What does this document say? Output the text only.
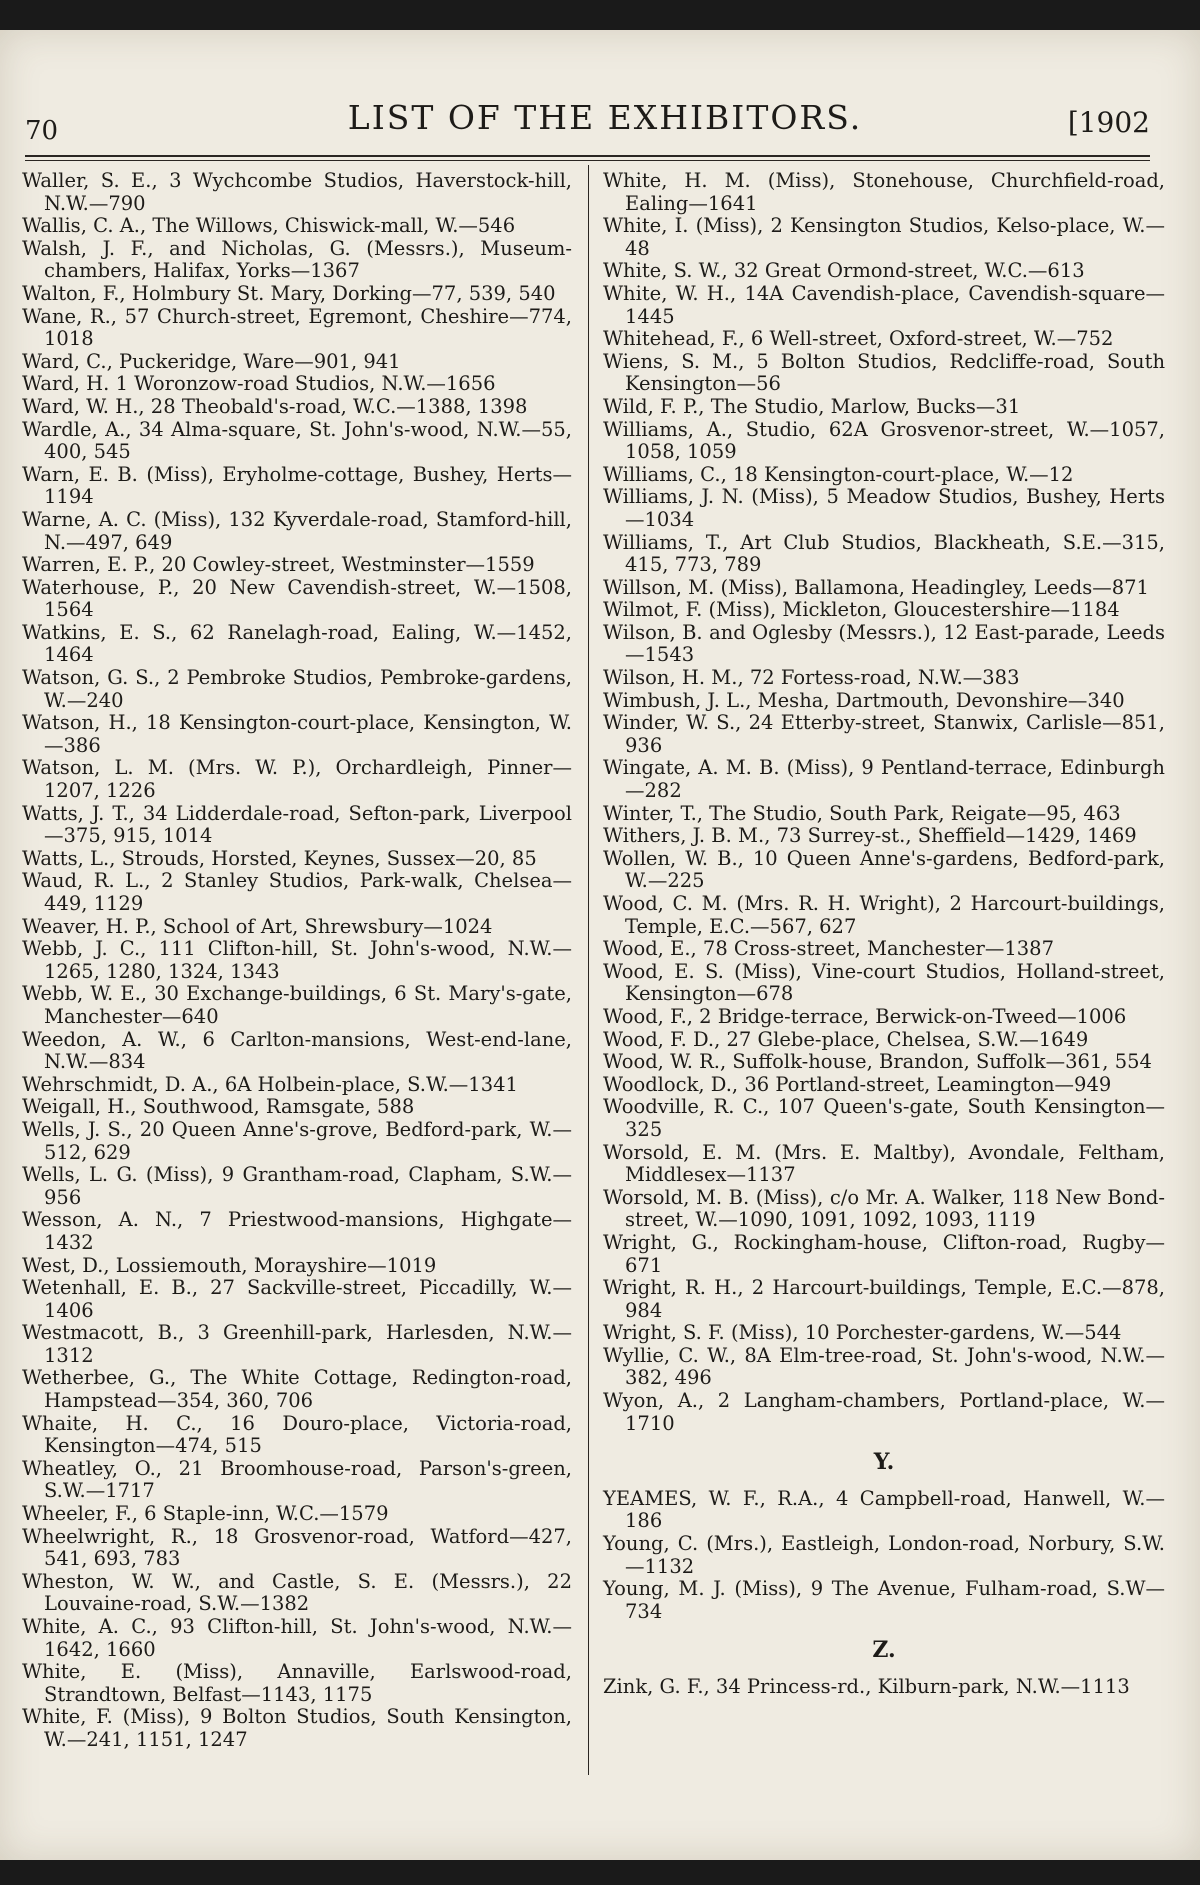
70	LIST OF THE EXHIBITORS.	[1902
Waller, S. E., 3 Wychcombe Studios, Haverstock-hill, N.W.—790
Wallis, C. A., The Willows, Chiswick-mall, W.—546
Walsh, J. F., and Nicholas, G. (Messrs.), Museum-chambers, Halifax, Yorks—1367
Walton, F., Holmbury St. Mary, Dorking—77, 539, 540
Wane, R., 57 Church-street, Egremont, Cheshire—774, 1018
Ward, C., Puckeridge, Ware—901, 941
Ward, H. 1 Woronzow-road Studios, N.W.—1656
Ward, W. H., 28 Theobald's-road, W.C.—1388, 1398
Wardle, A., 34 Alma-square, St. John's-wood, N.W.—55, 400, 545
Warn, E. B. (Miss), Eryholme-cottage, Bushey, Herts—1194
Warne, A. C. (Miss), 132 Kyverdale-road, Stamford-hill, N.—497, 649
Warren, E. P., 20 Cowley-street, Westminster—1559
Waterhouse, P., 20 New Cavendish-street, W.—1508, 1564
Watkins, E. S., 62 Ranelagh-road, Ealing, W.—1452, 1464
Watson, G. S., 2 Pembroke Studios, Pembroke-gardens, W.—240
Watson, H., 18 Kensington-court-place, Kensington, W.—386
Watson, L. M. (Mrs. W. P.), Orchardleigh, Pinner—1207, 1226
Watts, J. T., 34 Lidderdale-road, Sefton-park, Liverpool—375, 915, 1014
Watts, L., Strouds, Horsted, Keynes, Sussex—20, 85
Waud, R. L., 2 Stanley Studios, Park-walk, Chelsea—449, 1129
Weaver, H. P., School of Art, Shrewsbury—1024
Webb, J. C., 111 Clifton-hill, St. John's-wood, N.W.—1265, 1280, 1324, 1343
Webb, W. E., 30 Exchange-buildings, 6 St. Mary's-gate, Manchester—640
Weedon, A. W., 6 Carlton-mansions, West-end-lane, N.W.—834
Wehrschmidt, D. A., 6A Holbein-place, S.W.—1341
Weigall, H., Southwood, Ramsgate, 588
Wells, J. S., 20 Queen Anne's-grove, Bedford-park, W.—512, 629
Wells, L. G. (Miss), 9 Grantham-road, Clapham, S.W.—956
Wesson, A. N., 7 Priestwood-mansions, Highgate—1432
West, D., Lossiemouth, Morayshire—1019
Wetenhall, E. B., 27 Sackville-street, Piccadilly, W.—1406
Westmacott, B., 3 Greenhill-park, Harlesden, N.W.—1312
Wetherbee, G., The White Cottage, Redington-road, Hampstead—354, 360, 706
Whaite, H. C., 16 Douro-place, Victoria-road, Kensington—474, 515
Wheatley, O., 21 Broomhouse-road, Parson's-green, S.W.—1717
Wheeler, F., 6 Staple-inn, W.C.—1579
Wheelwright, R., 18 Grosvenor-road, Watford—427, 541, 693, 783
Wheston, W. W., and Castle, S. E. (Messrs.), 22 Louvaine-road, S.W.—1382
White, A. C., 93 Clifton-hill, St. John's-wood, N.W.—1642, 1660
White, E. (Miss), Annaville, Earlswood-road, Strandtown, Belfast—1143, 1175
White, F. (Miss), 9 Bolton Studios, South Kensington, W.—241, 1151, 1247
White, H. M. (Miss), Stonehouse, Churchfield-road, Ealing—1641
White, I. (Miss), 2 Kensington Studios, Kelso-place, W.—48
White, S. W., 32 Great Ormond-street, W.C.—613
White, W. H., 14A Cavendish-place, Cavendish-square—1445
Whitehead, F., 6 Well-street, Oxford-street, W.—752
Wiens, S. M., 5 Bolton Studios, Redcliffe-road, South Kensington—56
Wild, F. P., The Studio, Marlow, Bucks—31
Williams, A., Studio, 62A Grosvenor-street, W.—1057, 1058, 1059
Williams, C., 18 Kensington-court-place, W.—12
Williams, J. N. (Miss), 5 Meadow Studios, Bushey, Herts—1034
Williams, T., Art Club Studios, Blackheath, S.E.—315, 415, 773, 789
Willson, M. (Miss), Ballamona, Headingley, Leeds—871
Wilmot, F. (Miss), Mickleton, Gloucestershire—1184
Wilson, B. and Oglesby (Messrs.), 12 East-parade, Leeds—1543
Wilson, H. M., 72 Fortess-road, N.W.—383
Wimbush, J. L., Mesha, Dartmouth, Devonshire—340
Winder, W. S., 24 Etterby-street, Stanwix, Carlisle—851, 936
Wingate, A. M. B. (Miss), 9 Pentland-terrace, Edinburgh—282
Winter, T., The Studio, South Park, Reigate—95, 463
Withers, J. B. M., 73 Surrey-st., Sheffield—1429, 1469
Wollen, W. B., 10 Queen Anne's-gardens, Bedford-park, W.—225
Wood, C. M. (Mrs. R. H. Wright), 2 Harcourt-buildings, Temple, E.C.—567, 627
Wood, E., 78 Cross-street, Manchester—1387
Wood, E. S. (Miss), Vine-court Studios, Holland-street, Kensington—678
Wood, F., 2 Bridge-terrace, Berwick-on-Tweed—1006
Wood, F. D., 27 Glebe-place, Chelsea, S.W.—1649
Wood, W. R., Suffolk-house, Brandon, Suffolk—361, 554
Woodlock, D., 36 Portland-street, Leamington—949
Woodville, R. C., 107 Queen's-gate, South Kensington—325
Worsold, E. M. (Mrs. E. Maltby), Avondale, Feltham, Middlesex—1137
Worsold, M. B. (Miss), c/o Mr. A. Walker, 118 New Bond-street, W.—1090, 1091, 1092, 1093, 1119
Wright, G., Rockingham-house, Clifton-road, Rugby—671
Wright, R. H., 2 Harcourt-buildings, Temple, E.C.—878, 984
Wright, S. F. (Miss), 10 Porchester-gardens, W.—544
Wyllie, C. W., 8A Elm-tree-road, St. John's-wood, N.W.—382, 496
Wyon, A., 2 Langham-chambers, Portland-place, W.—1710
Y.
YEAMES, W. F., R.A., 4 Campbell-road, Hanwell, W.—186
Young, C. (Mrs.), Eastleigh, London-road, Norbury, S.W.—1132
Young, M. J. (Miss), 9 The Avenue, Fulham-road, S.W—734
Z.
Zink, G. F., 34 Princess-rd., Kilburn-park, N.W.—1113
